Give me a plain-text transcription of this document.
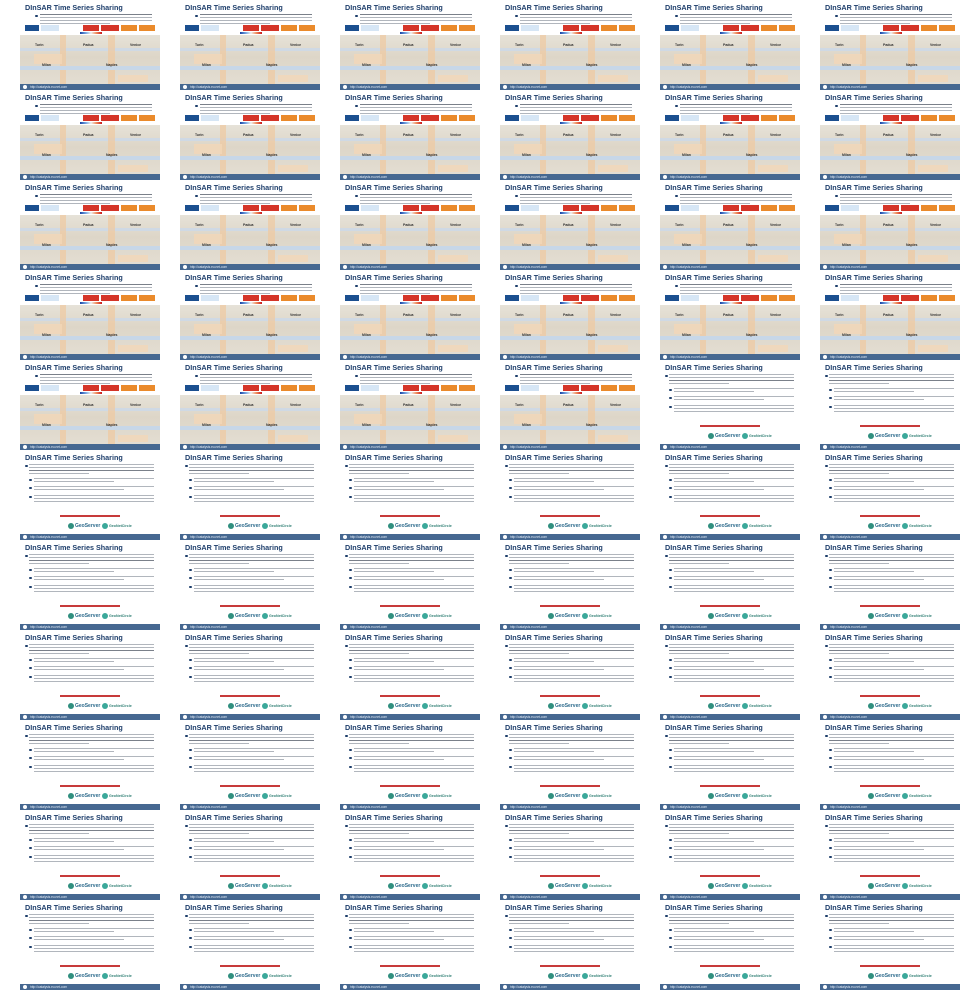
DInSAR Time Series Sharing
Turin	Padua	Venice
Milan	Naples
http://catalysis.eu.net-com
DInSAR Time Series Sharing
Turin	Padua	Venice
Milan	Naples
http://catalysis.eu.net-com
DInSAR Time Series Sharing
Turin	Padua	Venice
Milan	Naples
http://catalysis.eu.net-com
DInSAR Time Series Sharing
Turin	Padua	Venice
Milan	Naples
http://catalysis.eu.net-com
DInSAR Time Series Sharing
Turin	Padua	Venice
Milan	Naples
http://catalysis.eu.net-com
DInSAR Time Series Sharing
Turin	Padua	Venice
Milan	Naples
http://catalysis.eu.net-com
DInSAR Time Series Sharing
Turin	Padua	Venice
Milan	Naples
http://catalysis.eu.net-com
DInSAR Time Series Sharing
Turin	Padua	Venice
Milan	Naples
http://catalysis.eu.net-com
DInSAR Time Series Sharing
Turin	Padua	Venice
Milan	Naples
http://catalysis.eu.net-com
DInSAR Time Series Sharing
Turin	Padua	Venice
Milan	Naples
http://catalysis.eu.net-com
DInSAR Time Series Sharing
Turin	Padua	Venice
Milan	Naples
http://catalysis.eu.net-com
DInSAR Time Series Sharing
Turin	Padua	Venice
Milan	Naples
http://catalysis.eu.net-com
DInSAR Time Series Sharing
Turin	Padua	Venice
Milan	Naples
http://catalysis.eu.net-com
DInSAR Time Series Sharing
Turin	Padua	Venice
Milan	Naples
http://catalysis.eu.net-com
DInSAR Time Series Sharing
Turin	Padua	Venice
Milan	Naples
http://catalysis.eu.net-com
DInSAR Time Series Sharing
Turin	Padua	Venice
Milan	Naples
http://catalysis.eu.net-com
DInSAR Time Series Sharing
Turin	Padua	Venice
Milan	Naples
http://catalysis.eu.net-com
DInSAR Time Series Sharing
Turin	Padua	Venice
Milan	Naples
http://catalysis.eu.net-com
DInSAR Time Series Sharing
Turin	Padua	Venice
Milan	Naples
http://catalysis.eu.net-com
DInSAR Time Series Sharing
Turin	Padua	Venice
Milan	Naples
http://catalysis.eu.net-com
DInSAR Time Series Sharing
Turin	Padua	Venice
Milan	Naples
http://catalysis.eu.net-com
DInSAR Time Series Sharing
Turin	Padua	Venice
Milan	Naples
http://catalysis.eu.net-com
DInSAR Time Series Sharing
Turin	Padua	Venice
Milan	Naples
http://catalysis.eu.net-com
DInSAR Time Series Sharing
Turin	Padua	Venice
Milan	Naples
http://catalysis.eu.net-com
DInSAR Time Series Sharing
Turin	Padua	Venice
Milan	Naples
http://catalysis.eu.net-com
DInSAR Time Series Sharing
Turin	Padua	Venice
Milan	Naples
http://catalysis.eu.net-com
DInSAR Time Series Sharing
Turin	Padua	Venice
Milan	Naples
http://catalysis.eu.net-com
DInSAR Time Series Sharing
Turin	Padua	Venice
Milan	Naples
http://catalysis.eu.net-com
DInSAR Time Series Sharing
GeoServer GeoNetCircle
http://catalysis.eu.net-com
DInSAR Time Series Sharing
GeoServer GeoNetCircle
http://catalysis.eu.net-com
DInSAR Time Series Sharing
GeoServer GeoNetCircle
http://catalysis.eu.net-com
DInSAR Time Series Sharing
GeoServer GeoNetCircle
http://catalysis.eu.net-com
DInSAR Time Series Sharing
GeoServer GeoNetCircle
http://catalysis.eu.net-com
DInSAR Time Series Sharing
GeoServer GeoNetCircle
http://catalysis.eu.net-com
DInSAR Time Series Sharing
GeoServer GeoNetCircle
http://catalysis.eu.net-com
DInSAR Time Series Sharing
GeoServer GeoNetCircle
http://catalysis.eu.net-com
DInSAR Time Series Sharing
GeoServer GeoNetCircle
http://catalysis.eu.net-com
DInSAR Time Series Sharing
GeoServer GeoNetCircle
http://catalysis.eu.net-com
DInSAR Time Series Sharing
GeoServer GeoNetCircle
http://catalysis.eu.net-com
DInSAR Time Series Sharing
GeoServer GeoNetCircle
http://catalysis.eu.net-com
DInSAR Time Series Sharing
GeoServer GeoNetCircle
http://catalysis.eu.net-com
DInSAR Time Series Sharing
GeoServer GeoNetCircle
http://catalysis.eu.net-com
DInSAR Time Series Sharing
GeoServer GeoNetCircle
http://catalysis.eu.net-com
DInSAR Time Series Sharing
GeoServer GeoNetCircle
http://catalysis.eu.net-com
DInSAR Time Series Sharing
GeoServer GeoNetCircle
http://catalysis.eu.net-com
DInSAR Time Series Sharing
GeoServer GeoNetCircle
http://catalysis.eu.net-com
DInSAR Time Series Sharing
GeoServer GeoNetCircle
http://catalysis.eu.net-com
DInSAR Time Series Sharing
GeoServer GeoNetCircle
http://catalysis.eu.net-com
DInSAR Time Series Sharing
GeoServer GeoNetCircle
http://catalysis.eu.net-com
DInSAR Time Series Sharing
GeoServer GeoNetCircle
http://catalysis.eu.net-com
DInSAR Time Series Sharing
GeoServer GeoNetCircle
http://catalysis.eu.net-com
DInSAR Time Series Sharing
GeoServer GeoNetCircle
http://catalysis.eu.net-com
DInSAR Time Series Sharing
GeoServer GeoNetCircle
http://catalysis.eu.net-com
DInSAR Time Series Sharing
GeoServer GeoNetCircle
http://catalysis.eu.net-com
DInSAR Time Series Sharing
GeoServer GeoNetCircle
http://catalysis.eu.net-com
DInSAR Time Series Sharing
GeoServer GeoNetCircle
http://catalysis.eu.net-com
DInSAR Time Series Sharing
GeoServer GeoNetCircle
http://catalysis.eu.net-com
DInSAR Time Series Sharing
GeoServer GeoNetCircle
http://catalysis.eu.net-com
DInSAR Time Series Sharing
GeoServer GeoNetCircle
http://catalysis.eu.net-com
DInSAR Time Series Sharing
GeoServer GeoNetCircle
http://catalysis.eu.net-com
DInSAR Time Series Sharing
GeoServer GeoNetCircle
http://catalysis.eu.net-com
DInSAR Time Series Sharing
GeoServer GeoNetCircle
http://catalysis.eu.net-com
DInSAR Time Series Sharing
GeoServer GeoNetCircle
http://catalysis.eu.net-com
DInSAR Time Series Sharing
GeoServer GeoNetCircle
http://catalysis.eu.net-com
DInSAR Time Series Sharing
GeoServer GeoNetCircle
http://catalysis.eu.net-com
DInSAR Time Series Sharing
GeoServer GeoNetCircle
http://catalysis.eu.net-com
